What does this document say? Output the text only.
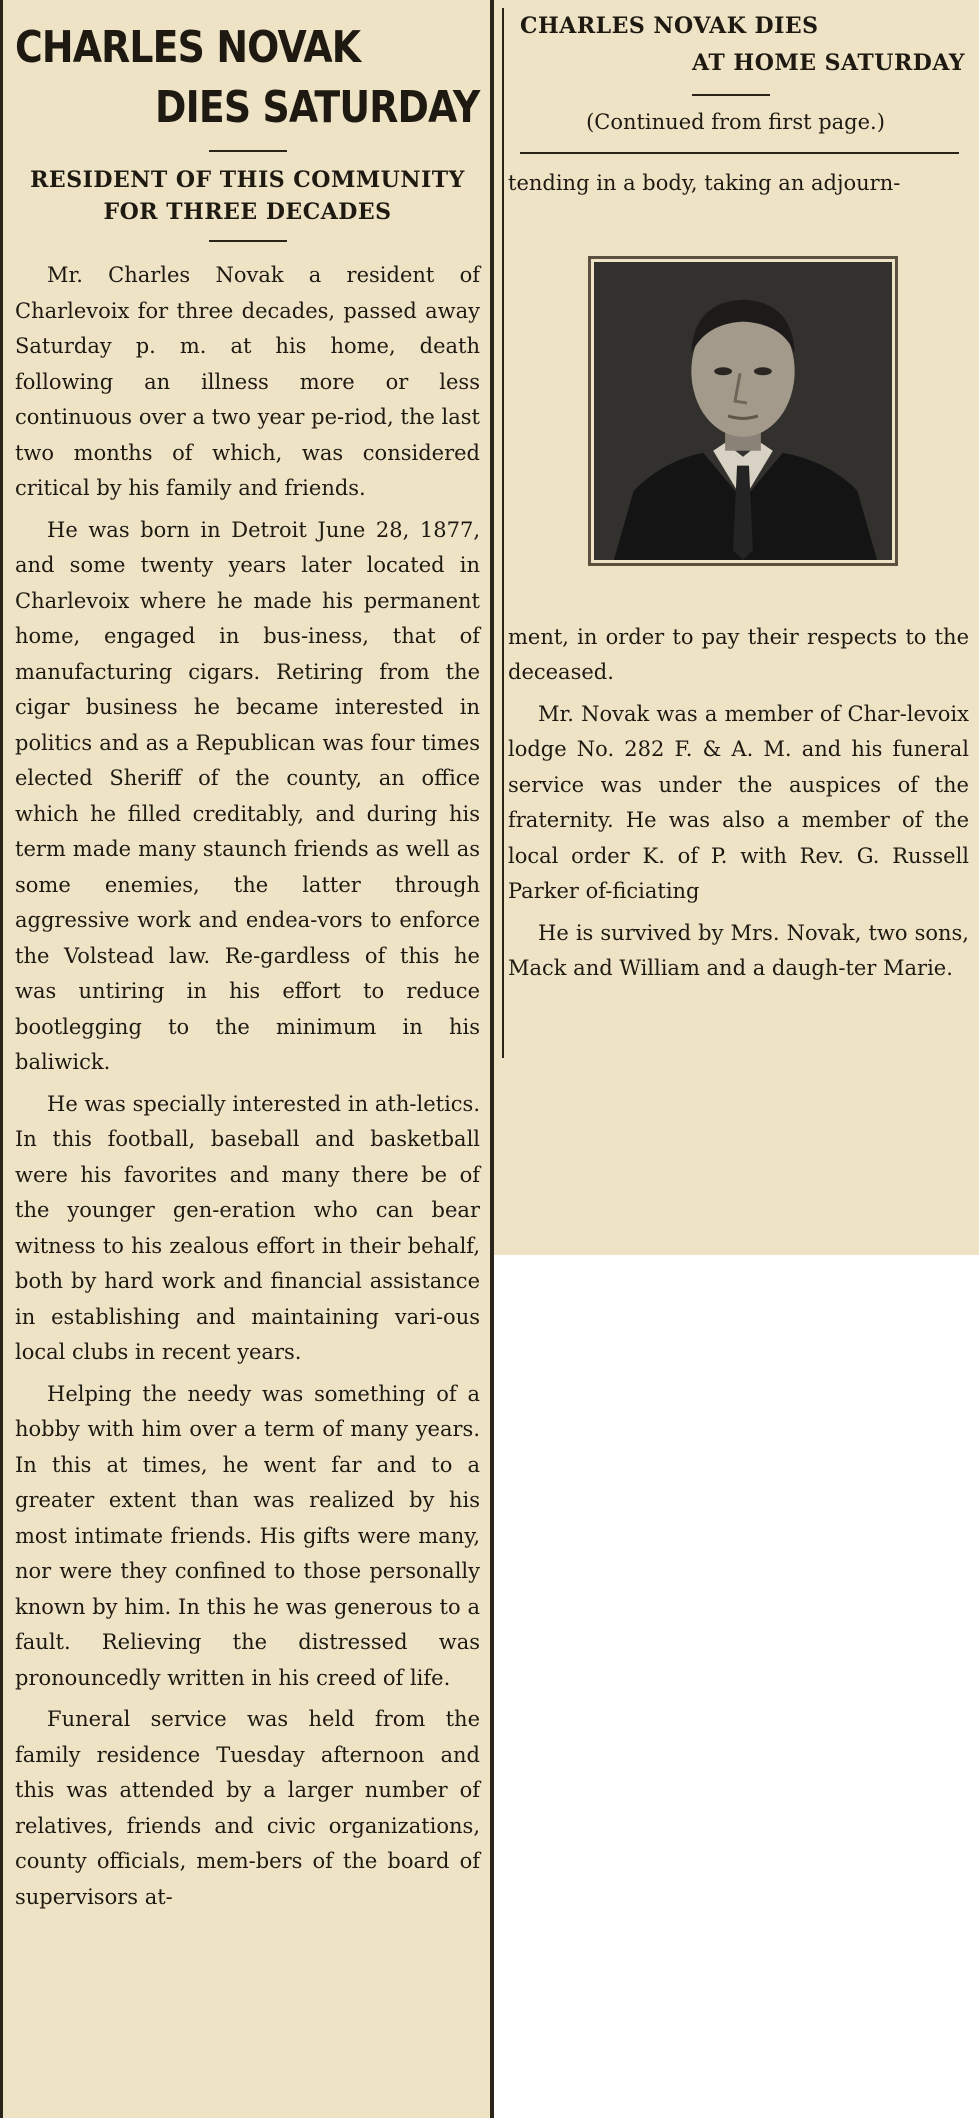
CHARLES NOVAK
DIES SATURDAY
RESIDENT OF THIS COMMUNITY
FOR THREE DECADES

Mr. Charles Novak a resident of Charlevoix for three decades, passed away Saturday p. m. at his home, death following an illness more or less continuous over a two year pe-riod, the last two months of which, was considered critical by his family and friends.

He was born in Detroit June 28, 1877, and some twenty years later located in Charlevoix where he made his permanent home, engaged in bus-iness, that of manufacturing cigars. Retiring from the cigar business he became interested in politics and as a Republican was four times elected Sheriff of the county, an office which he filled creditably, and during his term made many staunch friends as well as some enemies, the latter through aggressive work and endea-vors to enforce the Volstead law. Re-gardless of this he was untiring in his effort to reduce bootlegging to the minimum in his baliwick.

He was specially interested in ath-letics. In this football, baseball and basketball were his favorites and many there be of the younger gen-eration who can bear witness to his zealous effort in their behalf, both by hard work and financial assistance in establishing and maintaining vari-ous local clubs in recent years.

Helping the needy was something of a hobby with him over a term of many years. In this at times, he went far and to a greater extent than was realized by his most intimate friends. His gifts were many, nor were they confined to those personally known by him. In this he was generous to a fault. Relieving the distressed was pronouncedly written in his creed of life.

Funeral service was held from the family residence Tuesday afternoon and this was attended by a larger number of relatives, friends and civic organizations, county officials, mem-bers of the board of supervisors at-

CHARLES NOVAK DIES
AT HOME SATURDAY
(Continued from first page.)

tending in a body, taking an adjourn-

ment, in order to pay their respects to the deceased.

Mr. Novak was a member of Char-levoix lodge No. 282 F. & A. M. and his funeral service was under the auspices of the fraternity. He was also a member of the local order K. of P. with Rev. G. Russell Parker of-ficiating

He is survived by Mrs. Novak, two sons, Mack and William and a daugh-ter Marie.
